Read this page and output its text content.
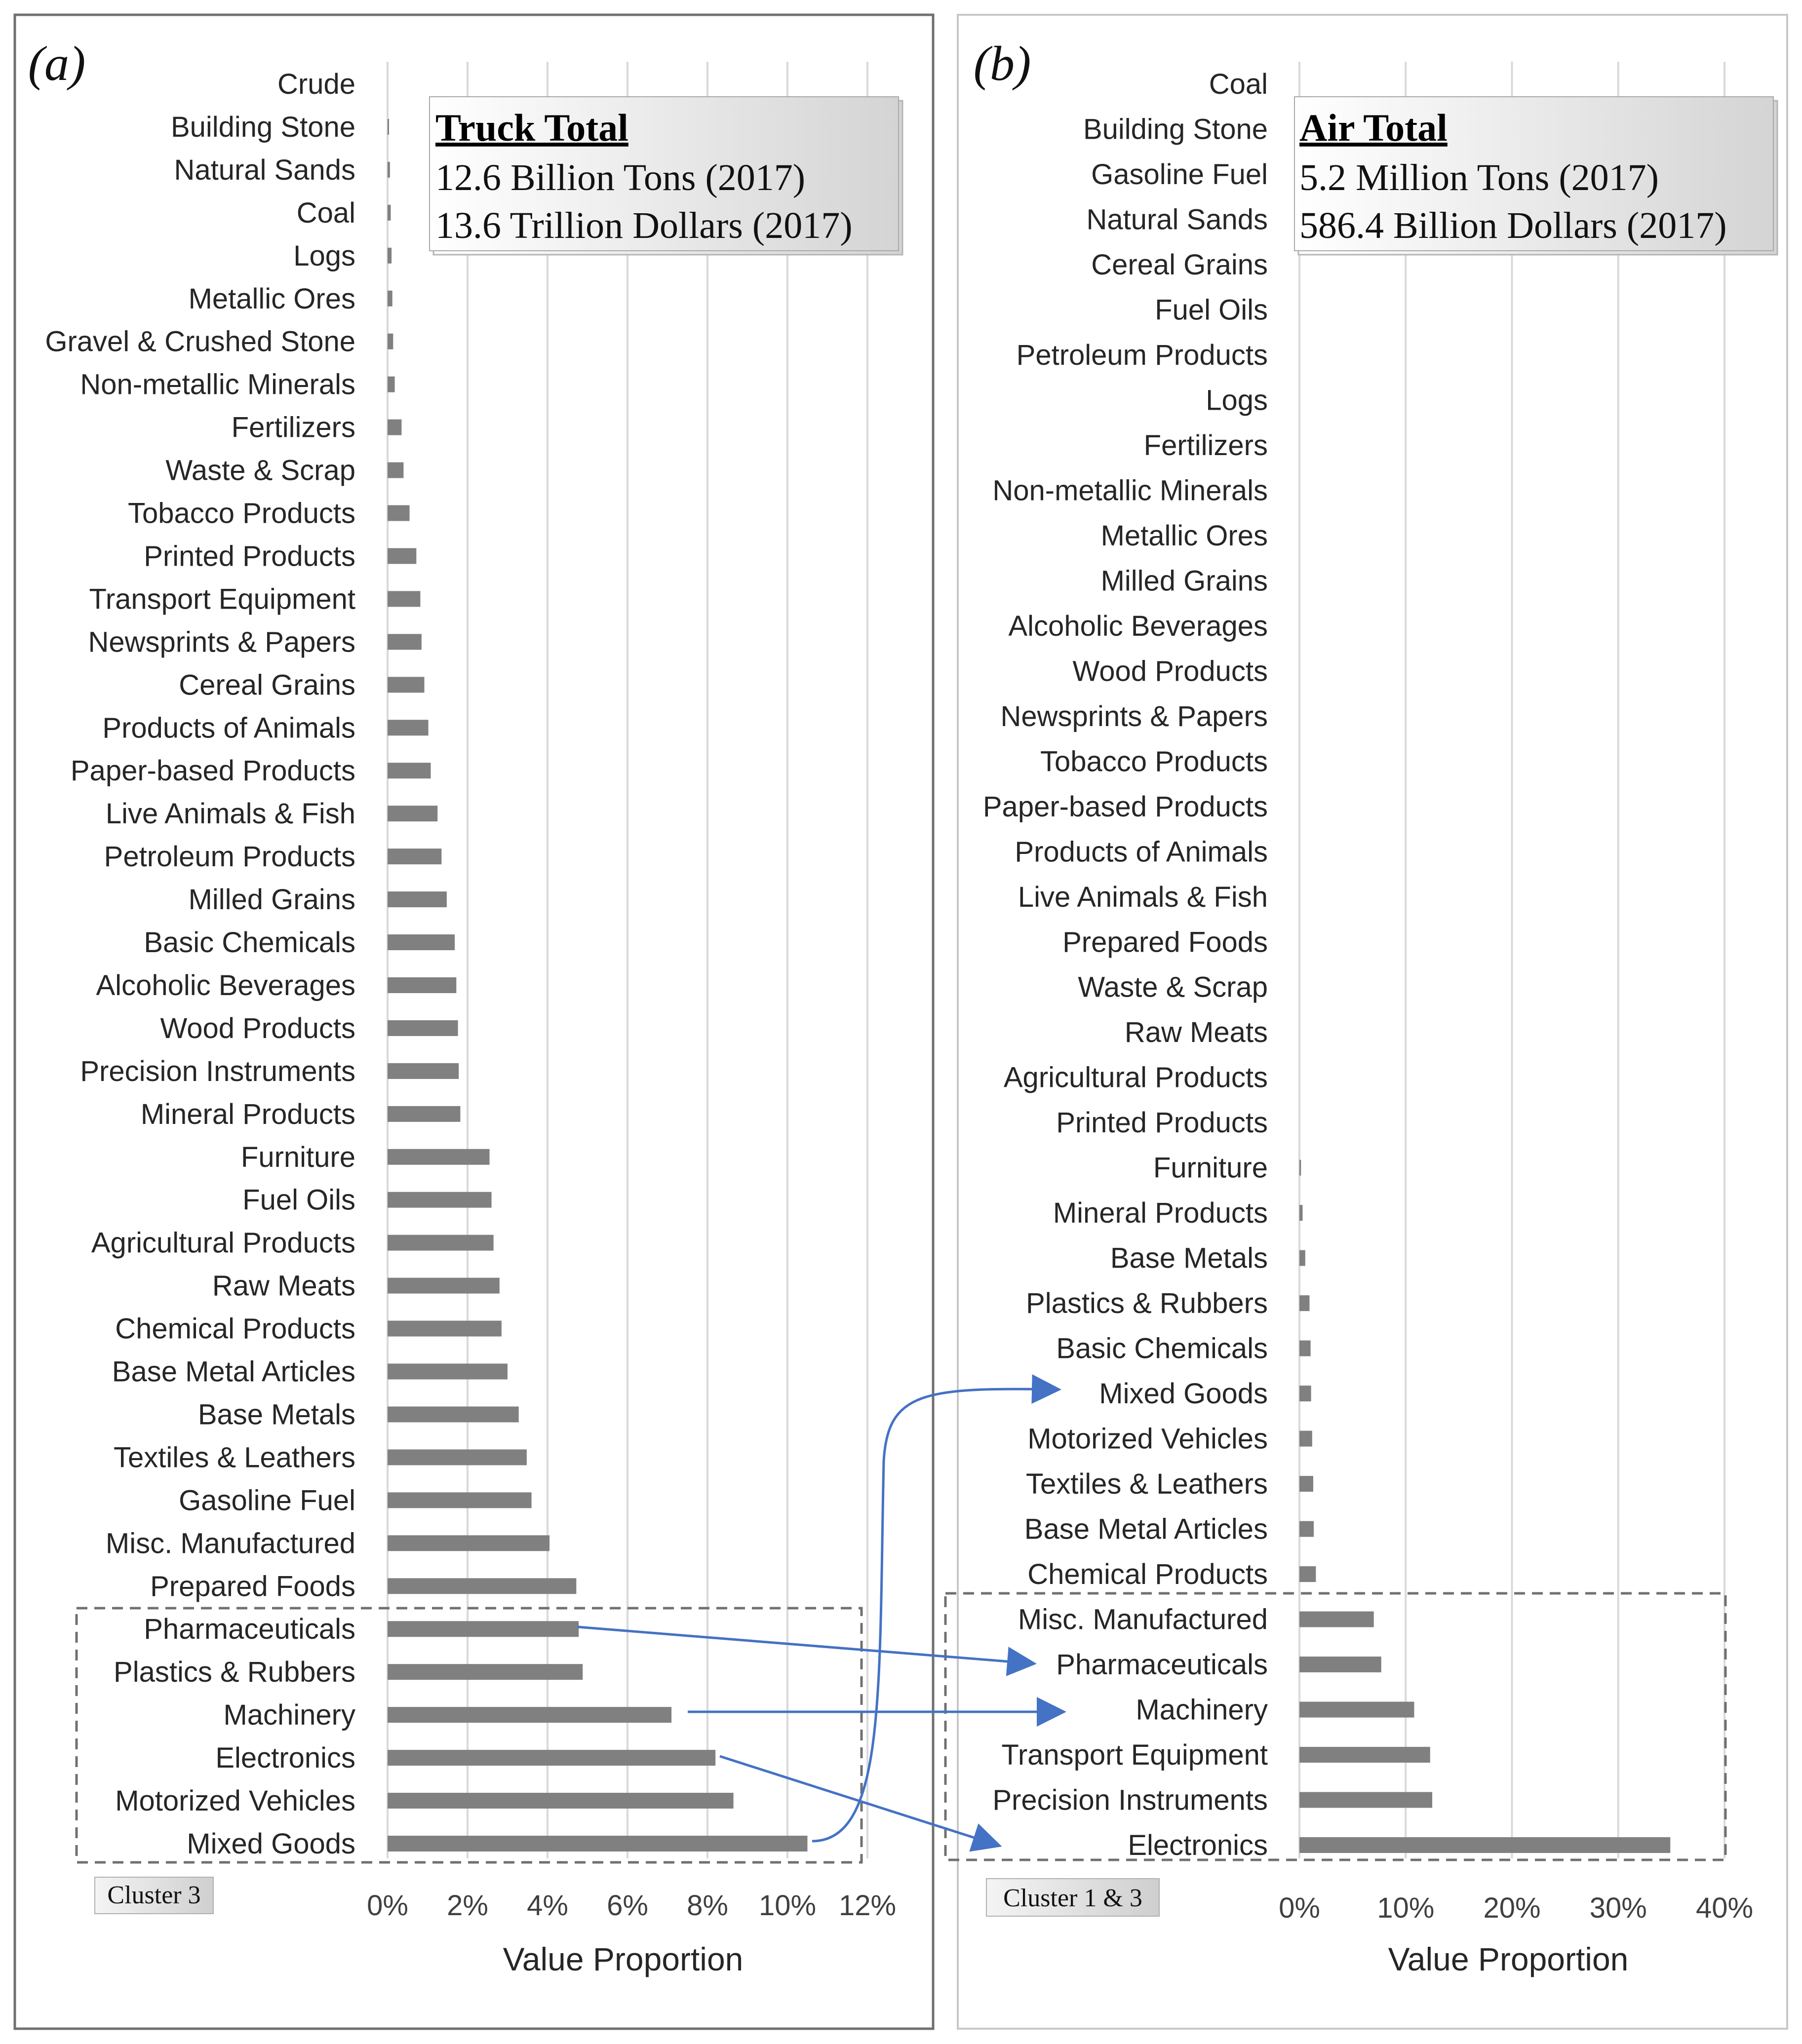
(a)	(b)
Crude
Building Stone
Natural Sands
Coal
Logs
Metallic Ores
Gravel & Crushed Stone
Non-metallic Minerals
Fertilizers
Waste & Scrap
Tobacco Products
Printed Products
Transport Equipment
Newsprints & Papers
Cereal Grains
Products of Animals
Paper-based Products
Live Animals & Fish
Petroleum Products
Milled Grains
Basic Chemicals
Alcoholic Beverages
Wood Products
Precision Instruments
Mineral Products
Furniture
Fuel Oils
Agricultural Products
Raw Meats
Chemical Products
Base Metal Articles
Base Metals
Textiles & Leathers
Gasoline Fuel
Misc. Manufactured
Prepared Foods
Pharmaceuticals
Plastics & Rubbers
Machinery
Electronics
Motorized Vehicles
Mixed Goods
0% 2% 4% 6% 8% 10% 12%
Value Proportion
Coal
Building Stone
Gasoline Fuel
Natural Sands
Cereal Grains
Fuel Oils
Petroleum Products
Logs
Fertilizers
Non-metallic Minerals
Metallic Ores
Milled Grains
Alcoholic Beverages
Wood Products
Newsprints & Papers
Tobacco Products
Paper-based Products
Products of Animals
Live Animals & Fish
Prepared Foods
Waste & Scrap
Raw Meats
Agricultural Products
Printed Products
Furniture
Mineral Products
Base Metals
Plastics & Rubbers
Basic Chemicals
Mixed Goods
Motorized Vehicles
Textiles & Leathers
Base Metal Articles
Chemical Products
Misc. Manufactured
Pharmaceuticals
Machinery
Transport Equipment
Precision Instruments
Electronics
0% 10% 20% 30% 40%
Value Proportion
Truck Total
12.6 Billion Tons (2017)
13.6 Trillion Dollars (2017)
Air Total
5.2 Million Tons (2017)
586.4 Billion Dollars (2017)
Cluster 3	Cluster 1 & 3
